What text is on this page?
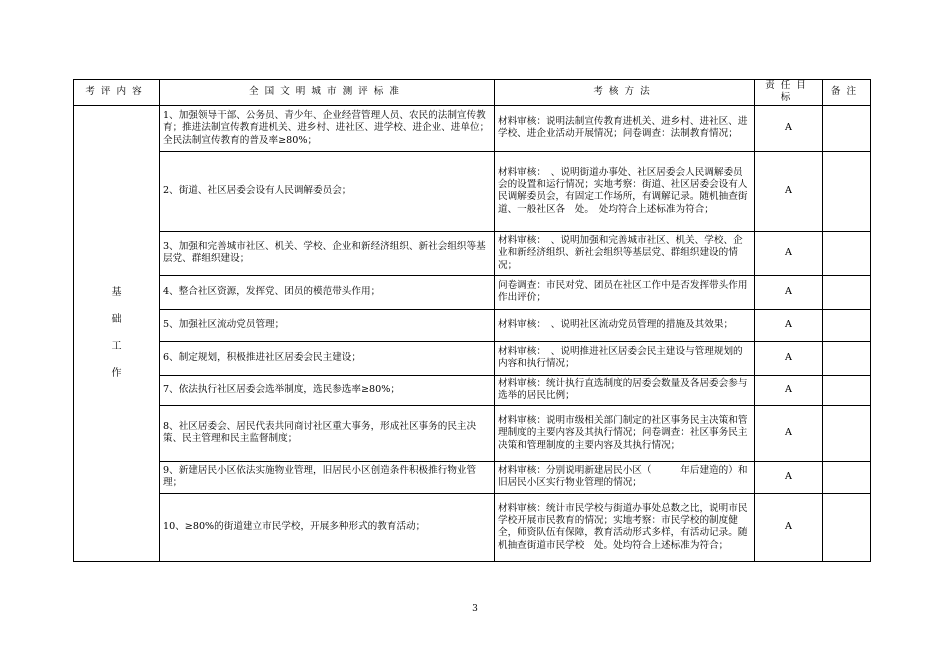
考评内容	全国文明城市测评标准	考核方法	责任目标	备注

基
础
工
作	1、加强领导干部、公务员、青少年、企业经营管理人员、农民的法制宣传教育；推进法制宣传教育进机关、进乡村、进社区、进学校、进企业、进单位；全民法制宣传教育的普及率≥80%；	材料审核：说明法制宣传教育进机关、进乡村、进社区、进学校、进企业活动开展情况；问卷调查：法制教育情况；	A	
	2、街道、社区居委会设有人民调解委员会；	材料审核：　、说明街道办事处、社区居委会人民调解委员会的设置和运行情况；实地考察：街道、社区居委会设有人民调解委员会，有固定工作场所，有调解记录。随机抽查街道、一般社区各　处。　处均符合上述标准为符合；	A	
	3、加强和完善城市社区、机关、学校、企业和新经济组织、新社会组织等基层党、群组织建设；	材料审核：　、说明加强和完善城市社区、机关、学校、企业和新经济组织、新社会组织等基层党、群组织建设的情况；	A	
	4、整合社区资源，发挥党、团员的模范带头作用；	问卷调查：市民对党、团员在社区工作中是否发挥带头作用作出评价；	A	
	5、加强社区流动党员管理；	材料审核：　、说明社区流动党员管理的措施及其效果；	A	
	6、制定规划，积极推进社区居委会民主建设；	材料审核：　、说明推进社区居委会民主建设与管理规划的内容和执行情况；	A	
	7、依法执行社区居委会选举制度，选民参选率≥80%；	材料审核：统计执行直选制度的居委会数量及各居委会参与选举的居民比例；	A	
	8、社区居委会、居民代表共同商讨社区重大事务，形成社区事务的民主决策、民主管理和民主监督制度；	材料审核：说明市级相关部门制定的社区事务民主决策和管理制度的主要内容及其执行情况；问卷调查：社区事务民主决策和管理制度的主要内容及其执行情况；	A	
	9、新建居民小区依法实施物业管理，旧居民小区创造条件积极推行物业管理；	材料审核：分别说明新建居民小区（　　　年后建造的）和旧居民小区实行物业管理的情况；	A	
	10、≥80%的街道建立市民学校，开展多种形式的教育活动；	材料审核：统计市民学校与街道办事处总数之比，说明市民学校开展市民教育的情况；实地考察：市民学校的制度健全，师资队伍有保障，教育活动形式多样，有活动记录。随机抽查街道市民学校　处。处均符合上述标准为符合；	A	
3
